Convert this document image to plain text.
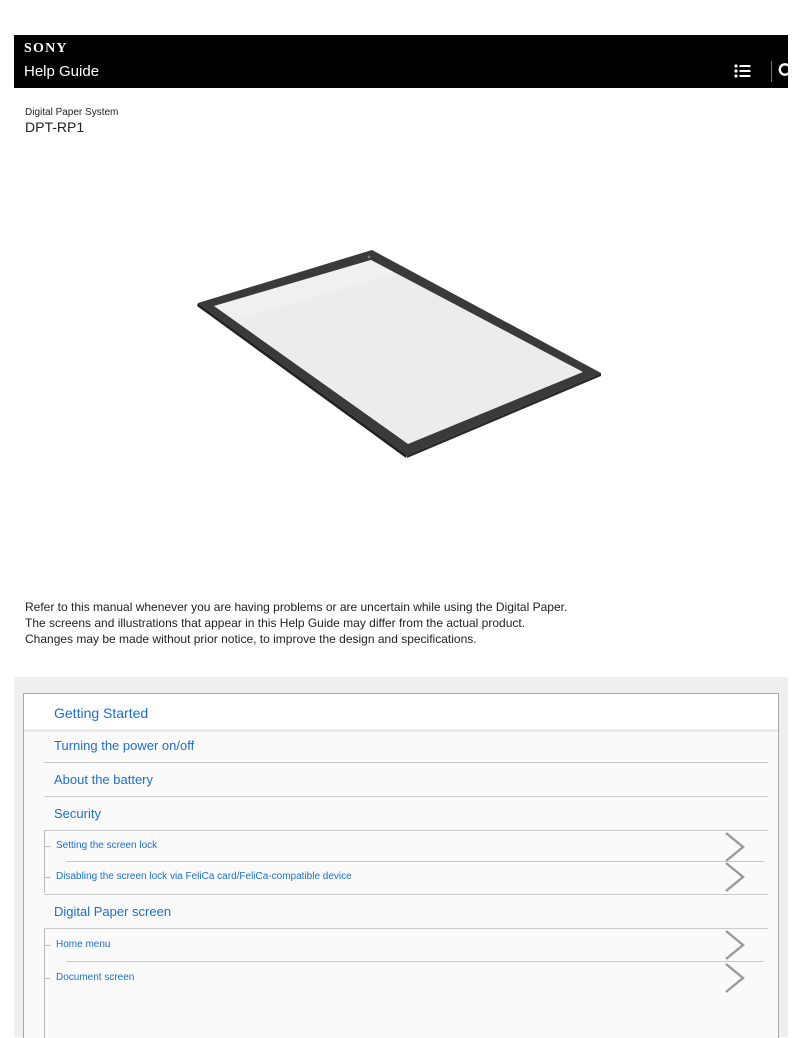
SONY
Help Guide
Digital Paper System
DPT-RP1
Refer to this manual whenever you are having problems or are uncertain while using the Digital Paper.
The screens and illustrations that appear in this Help Guide may differ from the actual product.
Changes may be made without prior notice, to improve the design and specifications.
Getting Started
Turning the power on/off
About the battery
Security
Setting the screen lock
Disabling the screen lock via FeliCa card/FeliCa-compatible device
Digital Paper screen
Home menu
Document screen
